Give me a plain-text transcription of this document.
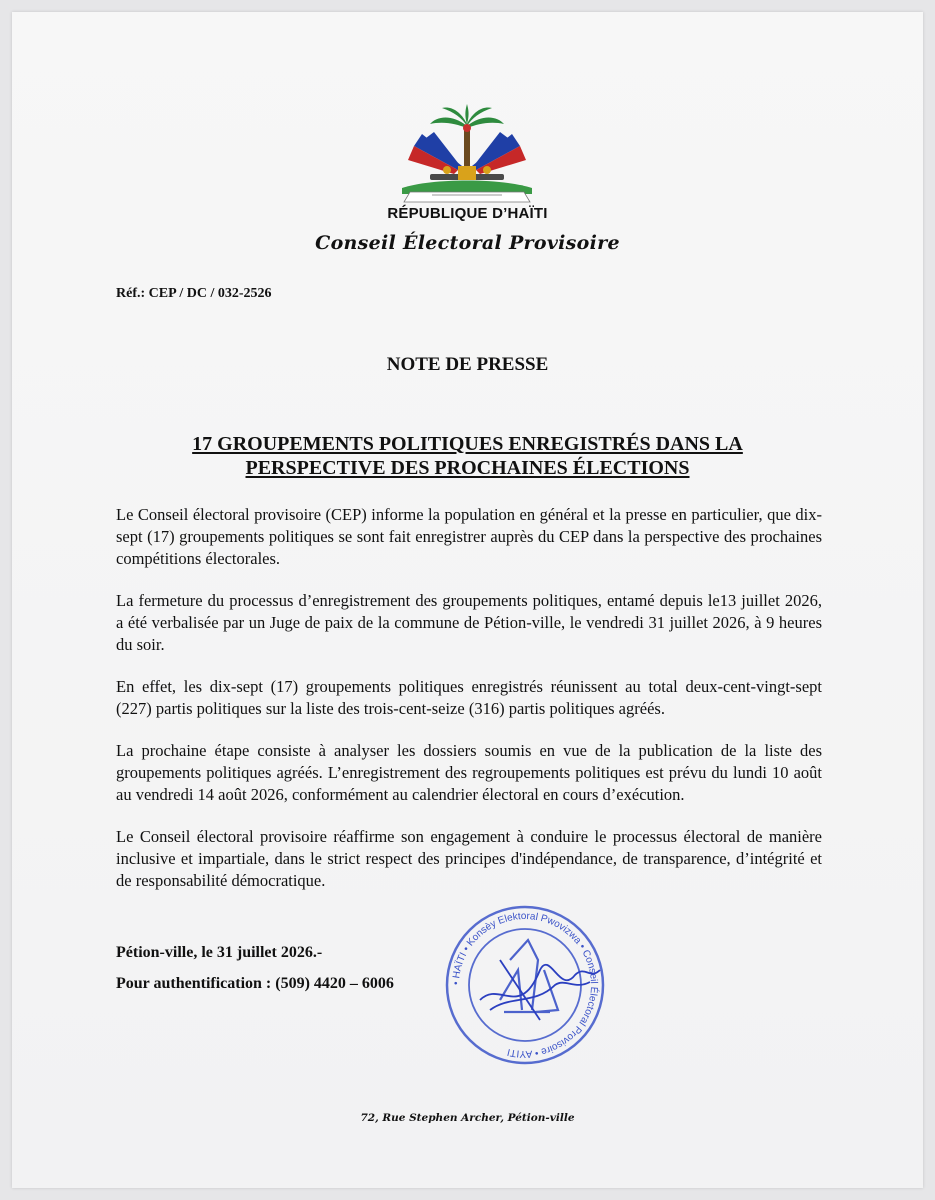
RÉPUBLIQUE D’HAÏTI
Conseil Électoral Provisoire
Réf.: CEP / DC / 032-2526
NOTE DE PRESSE
17 GROUPEMENTS POLITIQUES ENREGISTRÉS DANS LA
PERSPECTIVE DES PROCHAINES ÉLECTIONS

Le Conseil électoral provisoire (CEP) informe la population en général et la presse en particulier, que dix-sept (17) groupements politiques se sont fait enregistrer auprès du CEP dans la perspective des prochaines compétitions électorales.

La fermeture du processus d’enregistrement des groupements politiques, entamé depuis le13 juillet 2026, a été verbalisée par un Juge de paix de la commune de Pétion-ville, le vendredi 31 juillet 2026, à 9 heures du soir.

En effet, les dix-sept (17) groupements politiques enregistrés réunissent au total deux-cent-vingt-sept (227) partis politiques sur la liste des trois-cent-seize (316) partis politiques agréés.

La prochaine étape consiste à analyser les dossiers soumis en vue de la publication de la liste des groupements politiques agréés. L’enregistrement des regroupements politiques est prévu du lundi 10 août au vendredi 14 août 2026, conformément au calendrier électoral en cours d’exécution.

Le Conseil électoral provisoire réaffirme son engagement à conduire le processus électoral de manière inclusive et impartiale, dans le strict respect des principes d'indépendance, de transparence, d’intégrité et de responsabilité démocratique.

Pétion-ville, le 31 juillet 2026.-
Pour authentification : (509) 4420 – 6006	• HAÏTI • Konsèy Elektoral Pwovizwa • Conseil Électoral Provisoire • AYITI
72, Rue Stephen Archer, Pétion-ville
